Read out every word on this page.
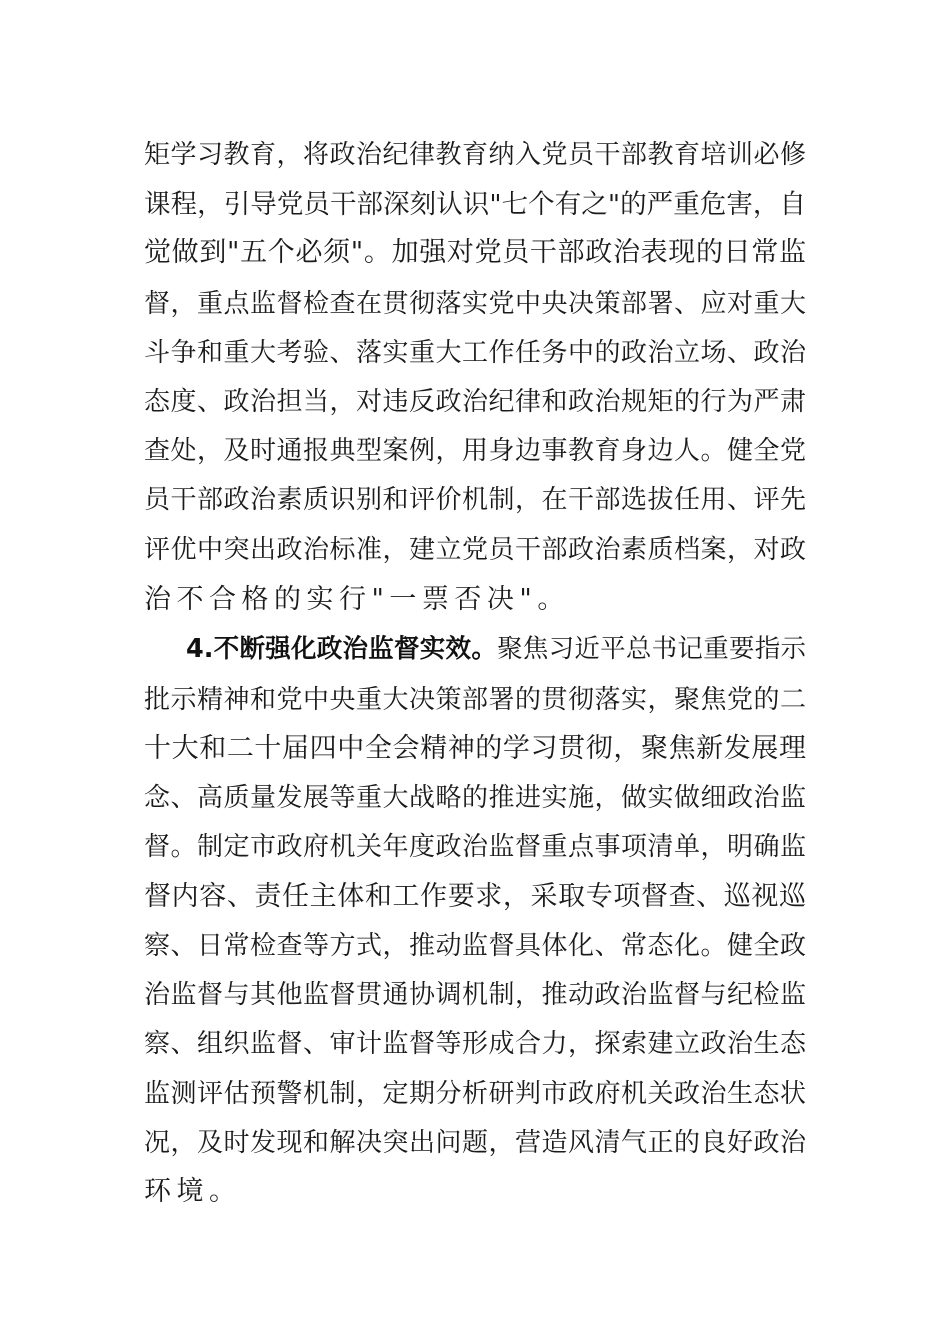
矩学习教育，将政治纪律教育纳入党员干部教育培训必修
课程，引导党员干部深刻认识"七个有之"的严重危害，自
觉做到"五个必须"。加强对党员干部政治表现的日常监
督，重点监督检查在贯彻落实党中央决策部署、应对重大
斗争和重大考验、落实重大工作任务中的政治立场、政治
态度、政治担当，对违反政治纪律和政治规矩的行为严肃
查处，及时通报典型案例，用身边事教育身边人。健全党
员干部政治素质识别和评价机制，在干部选拔任用、评先
评优中突出政治标准，建立党员干部政治素质档案，对政
治不合格的实行"一票否决"。
4.不断强化政治监督实效。聚焦习近平总书记重要指示
批示精神和党中央重大决策部署的贯彻落实，聚焦党的二
十大和二十届四中全会精神的学习贯彻，聚焦新发展理
念、高质量发展等重大战略的推进实施，做实做细政治监
督。制定市政府机关年度政治监督重点事项清单，明确监
督内容、责任主体和工作要求，采取专项督查、巡视巡
察、日常检查等方式，推动监督具体化、常态化。健全政
治监督与其他监督贯通协调机制，推动政治监督与纪检监
察、组织监督、审计监督等形成合力，探索建立政治生态
监测评估预警机制，定期分析研判市政府机关政治生态状
况，及时发现和解决突出问题，营造风清气正的良好政治
环境。
